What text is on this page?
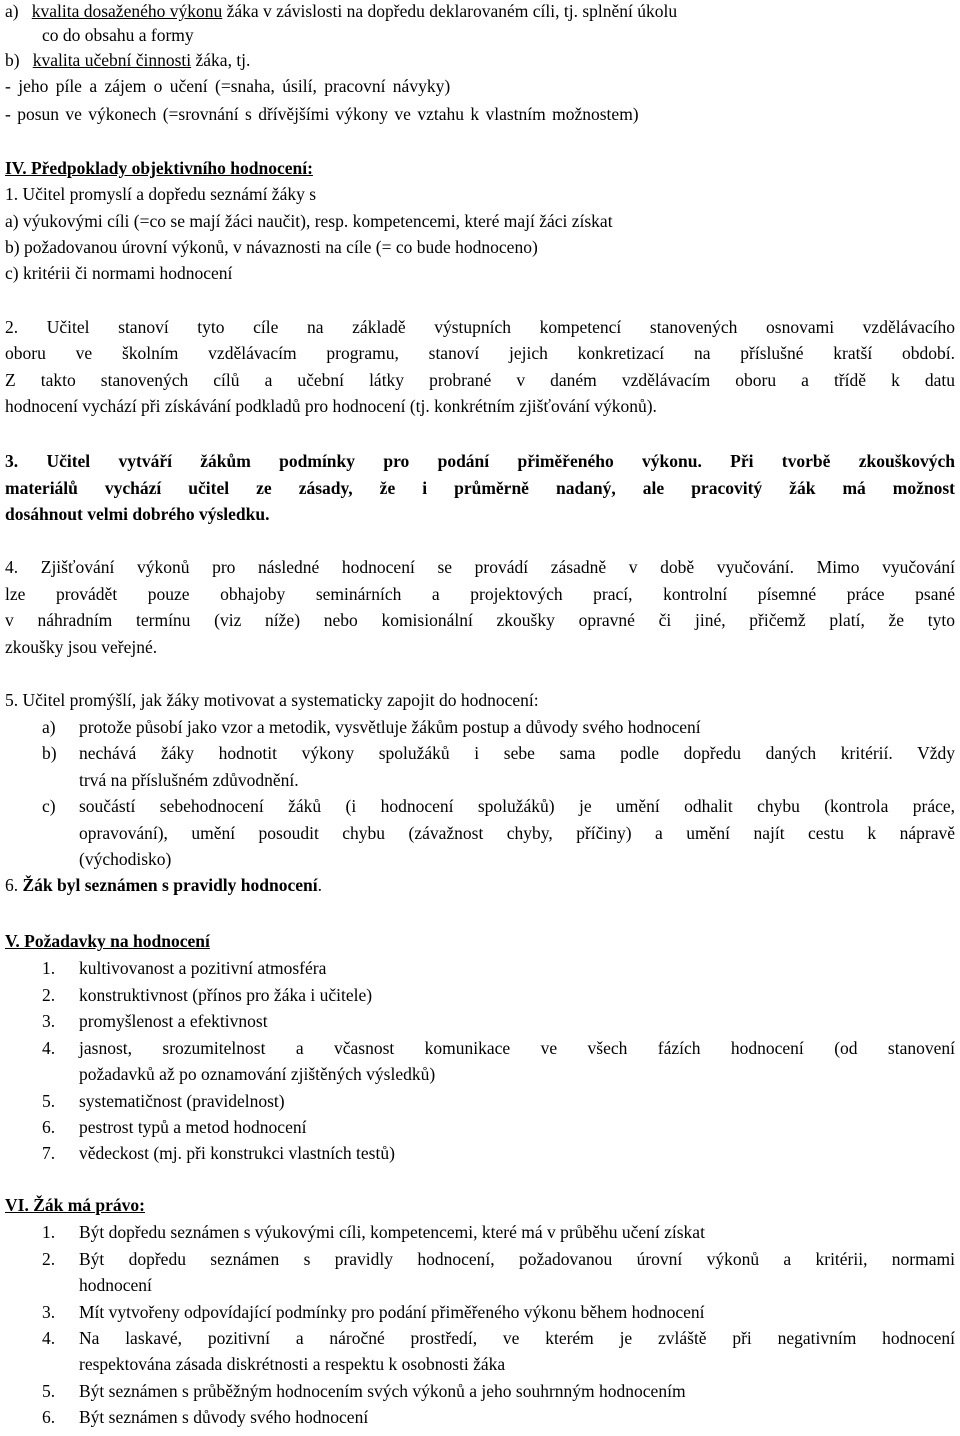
a) kvalita dosaženého výkonu žáka v závislosti na dopředu deklarovaném cíli, tj. splnění úkolu
co do obsahu a formy
b) kvalita učební činnosti žáka, tj.
- jeho píle a zájem o učení (=snaha, úsilí, pracovní návyky)
- posun ve výkonech (=srovnání s dřívějšími výkony ve vztahu k vlastním možnostem)
IV. Předpoklady objektivního hodnocení:
1. Učitel promyslí a dopředu seznámí žáky s
a) výukovými cíli (=co se mají žáci naučit), resp. kompetencemi, které mají žáci získat
b) požadovanou úrovní výkonů, v návaznosti na cíle (= co bude hodnoceno)
c) kritérii či normami hodnocení
2. Učitel stanoví tyto cíle na základě výstupních kompetencí stanovených osnovami vzdělávacího
oboru ve školním vzdělávacím programu, stanoví jejich konkretizací na příslušné kratší období.
Z takto stanovených cílů a učební látky probrané v daném vzdělávacím oboru a třídě k datu
hodnocení vychází při získávání podkladů pro hodnocení (tj. konkrétním zjišťování výkonů).
3. Učitel vytváří žákům podmínky pro podání přiměřeného výkonu. Při tvorbě zkouškových
materiálů vychází učitel ze zásady, že i průměrně nadaný, ale pracovitý žák má možnost
dosáhnout velmi dobrého výsledku.
4. Zjišťování výkonů pro následné hodnocení se provádí zásadně v době vyučování. Mimo vyučování
lze provádět pouze obhajoby seminárních a projektových prací, kontrolní písemné práce psané
v náhradním termínu (viz níže) nebo komisionální zkoušky opravné či jiné, přičemž platí, že tyto
zkoušky jsou veřejné.
5. Učitel promýšlí, jak žáky motivovat a systematicky zapojit do hodnocení:
a) protože působí jako vzor a metodik, vysvětluje žákům postup a důvody svého hodnocení
b) nechává žáky hodnotit výkony spolužáků i sebe sama podle dopředu daných kritérií. Vždy
trvá na příslušném zdůvodnění.
c) součástí sebehodnocení žáků (i hodnocení spolužáků) je umění odhalit chybu (kontrola práce,
opravování), umění posoudit chybu (závažnost chyby, příčiny) a umění najít cestu k nápravě
(východisko)
6. Žák byl seznámen s pravidly hodnocení.
V. Požadavky na hodnocení
1. kultivovanost a pozitivní atmosféra
2. konstruktivnost (přínos pro žáka i učitele)
3. promyšlenost a efektivnost
4. jasnost, srozumitelnost a včasnost komunikace ve všech fázích hodnocení (od stanovení
požadavků až po oznamování zjištěných výsledků)
5. systematičnost (pravidelnost)
6. pestrost typů a metod hodnocení
7. vědeckost (mj. při konstrukci vlastních testů)
VI. Žák má právo:
1. Být dopředu seznámen s výukovými cíli, kompetencemi, které má v průběhu učení získat
2. Být dopředu seznámen s pravidly hodnocení, požadovanou úrovní výkonů a kritérii, normami
hodnocení
3. Mít vytvořeny odpovídající podmínky pro podání přiměřeného výkonu během hodnocení
4. Na laskavé, pozitivní a náročné prostředí, ve kterém je zvláště při negativním hodnocení
respektována zásada diskrétnosti a respektu k osobnosti žáka
5. Být seznámen s průběžným hodnocením svých výkonů a jeho souhrnným hodnocením
6. Být seznámen s důvody svého hodnocení
